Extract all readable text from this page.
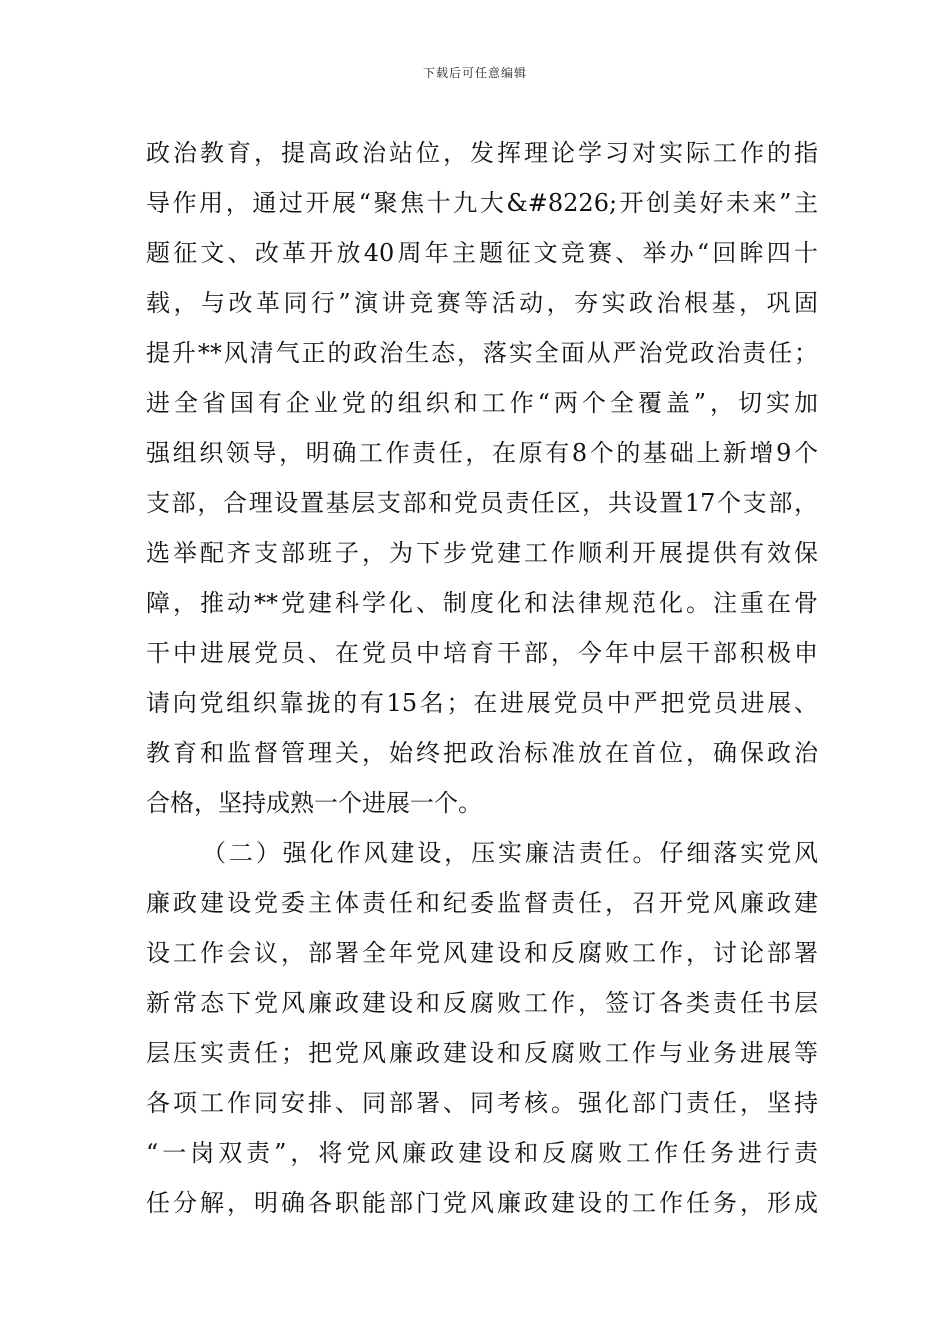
下载后可任意编辑
政治教育，提高政治站位，发挥理论学习对实际工作的指
导作用，通过开展“聚焦十九大&#8226;开创美好未来”主
题征文、改革开放40周年主题征文竞赛、举办“回眸四十
载，与改革同行”演讲竞赛等活动，夯实政治根基，巩固
提升**风清气正的政治生态，落实全面从严治党政治责任；
进全省国有企业党的组织和工作“两个全覆盖”，切实加
强组织领导，明确工作责任，在原有8个的基础上新增9个
支部，合理设置基层支部和党员责任区，共设置17个支部，
选举配齐支部班子，为下步党建工作顺利开展提供有效保
障，推动**党建科学化、制度化和法律规范化。注重在骨
干中进展党员、在党员中培育干部，今年中层干部积极申
请向党组织靠拢的有15名；在进展党员中严把党员进展、
教育和监督管理关，始终把政治标准放在首位，确保政治
合格，坚持成熟一个进展一个。
（二）强化作风建设，压实廉洁责任。仔细落实党风
廉政建设党委主体责任和纪委监督责任，召开党风廉政建
设工作会议，部署全年党风建设和反腐败工作，讨论部署
新常态下党风廉政建设和反腐败工作，签订各类责任书层
层压实责任；把党风廉政建设和反腐败工作与业务进展等
各项工作同安排、同部署、同考核。强化部门责任，坚持
“一岗双责”，将党风廉政建设和反腐败工作任务进行责
任分解，明确各职能部门党风廉政建设的工作任务，形成
